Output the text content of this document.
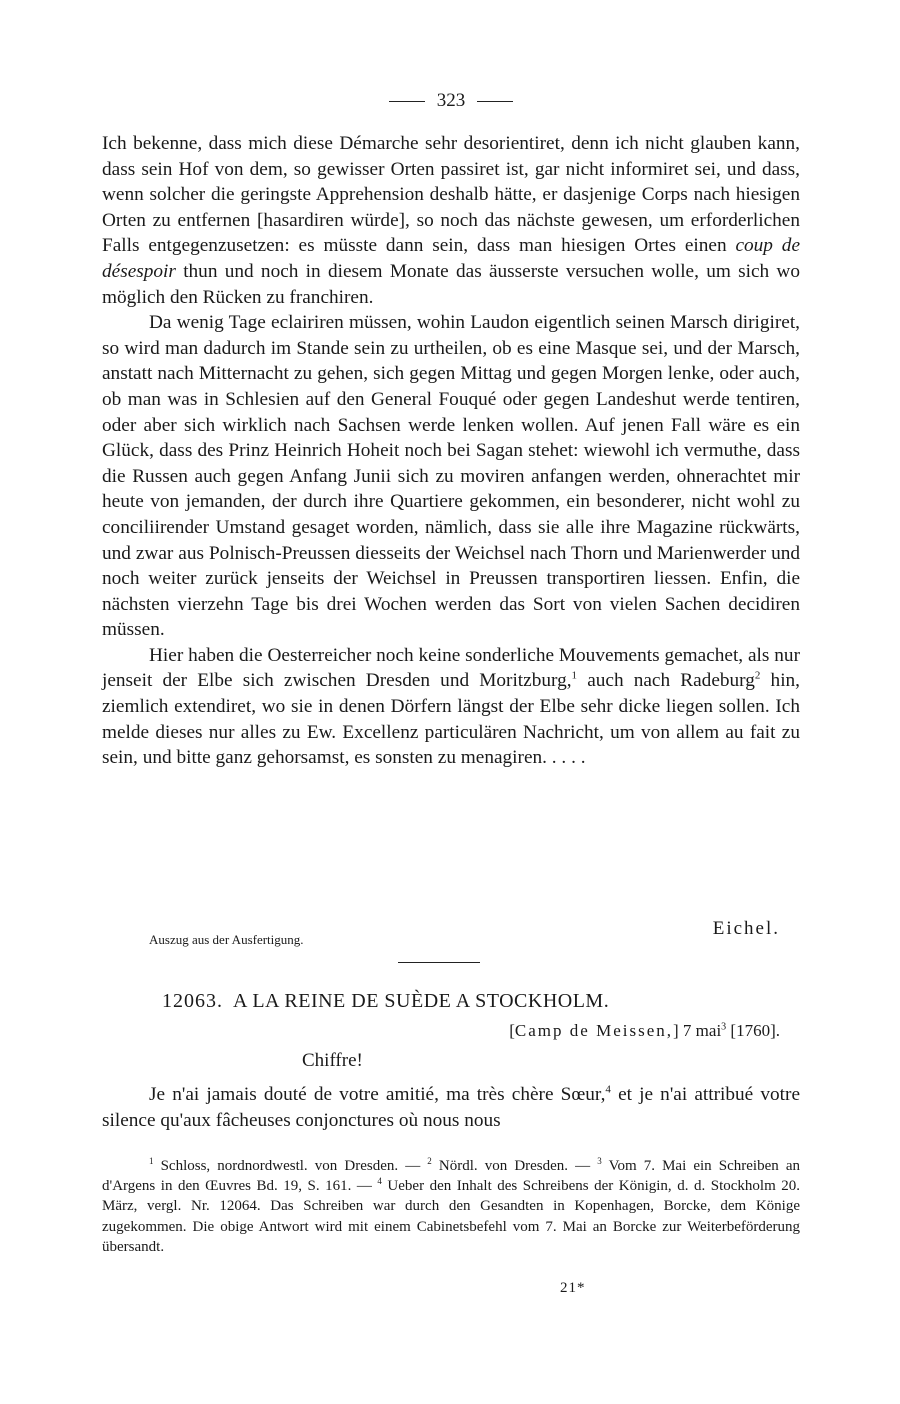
323

Ich bekenne, dass mich diese Démarche sehr desorientiret, denn ich nicht glauben kann, dass sein Hof von dem, so gewisser Orten passiret ist, gar nicht informiret sei, und dass, wenn solcher die geringste Apprehension deshalb hätte, er dasjenige Corps nach hiesigen Orten zu entfernen [hasardiren würde], so noch das nächste gewesen, um erforderlichen Falls entgegenzusetzen: es müsste dann sein, dass man hiesigen Ortes einen coup de désespoir thun und noch in diesem Monate das äusserste versuchen wolle, um sich wo möglich den Rücken zu franchiren.

Da wenig Tage eclairiren müssen, wohin Laudon eigentlich seinen Marsch dirigiret, so wird man dadurch im Stande sein zu urtheilen, ob es eine Masque sei, und der Marsch, anstatt nach Mitternacht zu gehen, sich gegen Mittag und gegen Morgen lenke, oder auch, ob man was in Schlesien auf den General Fouqué oder gegen Landeshut werde tentiren, oder aber sich wirklich nach Sachsen werde lenken wollen. Auf jenen Fall wäre es ein Glück, dass des Prinz Heinrich Hoheit noch bei Sagan stehet: wiewohl ich vermuthe, dass die Russen auch gegen Anfang Junii sich zu moviren anfangen werden, ohnerachtet mir heute von jemanden, der durch ihre Quartiere gekommen, ein besonderer, nicht wohl zu conciliirender Umstand gesaget worden, nämlich, dass sie alle ihre Magazine rückwärts, und zwar aus Polnisch-Preussen diesseits der Weichsel nach Thorn und Marienwerder und noch weiter zurück jenseits der Weichsel in Preussen transportiren liessen. Enfin, die nächsten vierzehn Tage bis drei Wochen werden das Sort von vielen Sachen decidiren müssen.

Hier haben die Oesterreicher noch keine sonderliche Mouvements gemachet, als nur jenseit der Elbe sich zwischen Dresden und Moritzburg,$^1$ auch nach Radeburg$^2$ hin, ziemlich extendiret, wo sie in denen Dörfern längst der Elbe sehr dicke liegen sollen. Ich melde dieses nur alles zu Ew. Excellenz particulären Nachricht, um von allem au fait zu sein, und bitte ganz gehorsamst, es sonsten zu menagiren. . . . .

Auszug aus der Ausfertigung.
Eichel.
12063. A LA REINE DE SUÈDE A STOCKHOLM.
[Camp de Meissen,] 7 mai$^3$ [1760].
Chiffre!

Je n'ai jamais douté de votre amitié, ma très chère Sœur,$^4$ et je n'ai attribué votre silence qu'aux fâcheuses conjonctures où nous nous

$^1$ Schloss, nordnordwestl. von Dresden. — $^2$ Nördl. von Dresden. — $^3$ Vom 7. Mai ein Schreiben an d'Argens in den Œuvres Bd. 19, S. 161. — $^4$ Ueber den Inhalt des Schreibens der Königin, d. d. Stockholm 20. März, vergl. Nr. 12064. Das Schreiben war durch den Gesandten in Kopenhagen, Borcke, dem Könige zugekommen. Die obige Antwort wird mit einem Cabinetsbefehl vom 7. Mai an Borcke zur Weiterbeförderung übersandt.

21*
